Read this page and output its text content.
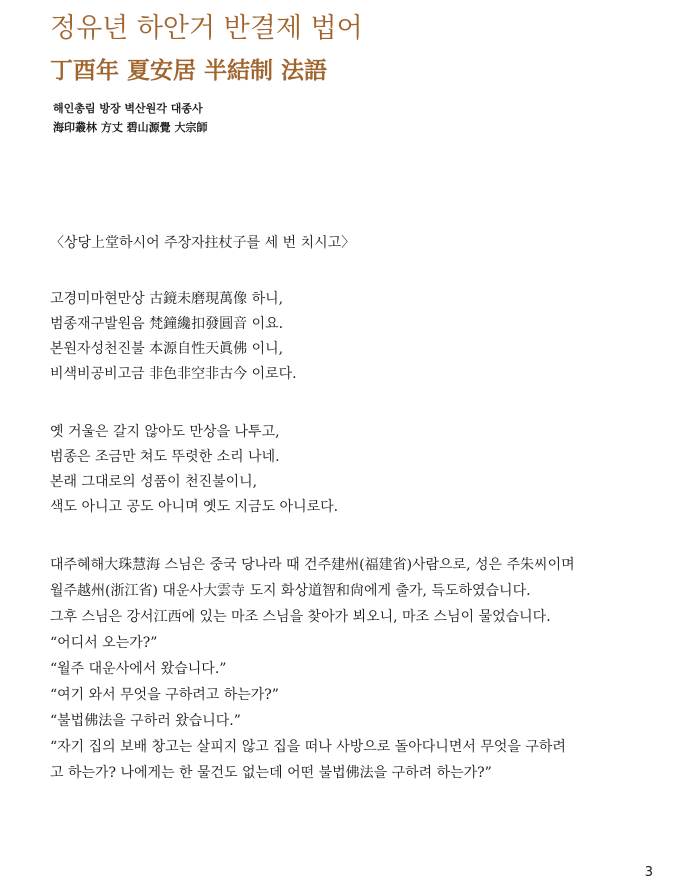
정유년 하안거 반결제 법어
丁酉年 夏安居 半結制 法語
해인총림 방장 벽산원각 대종사
海印叢林 方丈 碧山源覺 大宗師
〈상당上堂하시어 주장자拄杖子를 세 번 치시고〉
고경미마현만상 古鏡未磨現萬像 하니,
범종재구발원음 梵鐘纔扣發圓音 이요.
본원자성천진불 本源自性天眞佛 이니,
비색비공비고금 非色非空非古今 이로다.
옛 거울은 갈지 않아도 만상을 나투고,
범종은 조금만 쳐도 뚜렷한 소리 나네.
본래 그대로의 성품이 천진불이니,
색도 아니고 공도 아니며 옛도 지금도 아니로다.
대주혜해大珠慧海 스님은 중국 당나라 때 건주建州(福建省)사람으로, 성은 주朱씨이며
월주越州(浙江省) 대운사大雲寺 도지 화상道智和尙에게 출가, 득도하였습니다.
그후 스님은 강서江西에 있는 마조 스님을 찾아가 뵈오니, 마조 스님이 물었습니다.
“어디서 오는가?”
“월주 대운사에서 왔습니다.”
“여기 와서 무엇을 구하려고 하는가?”
“불법佛法을 구하러 왔습니다.”
“자기 집의 보배 창고는 살피지 않고 집을 떠나 사방으로 돌아다니면서 무엇을 구하려
고 하는가? 나에게는 한 물건도 없는데 어떤 불법佛法을 구하려 하는가?”
3
